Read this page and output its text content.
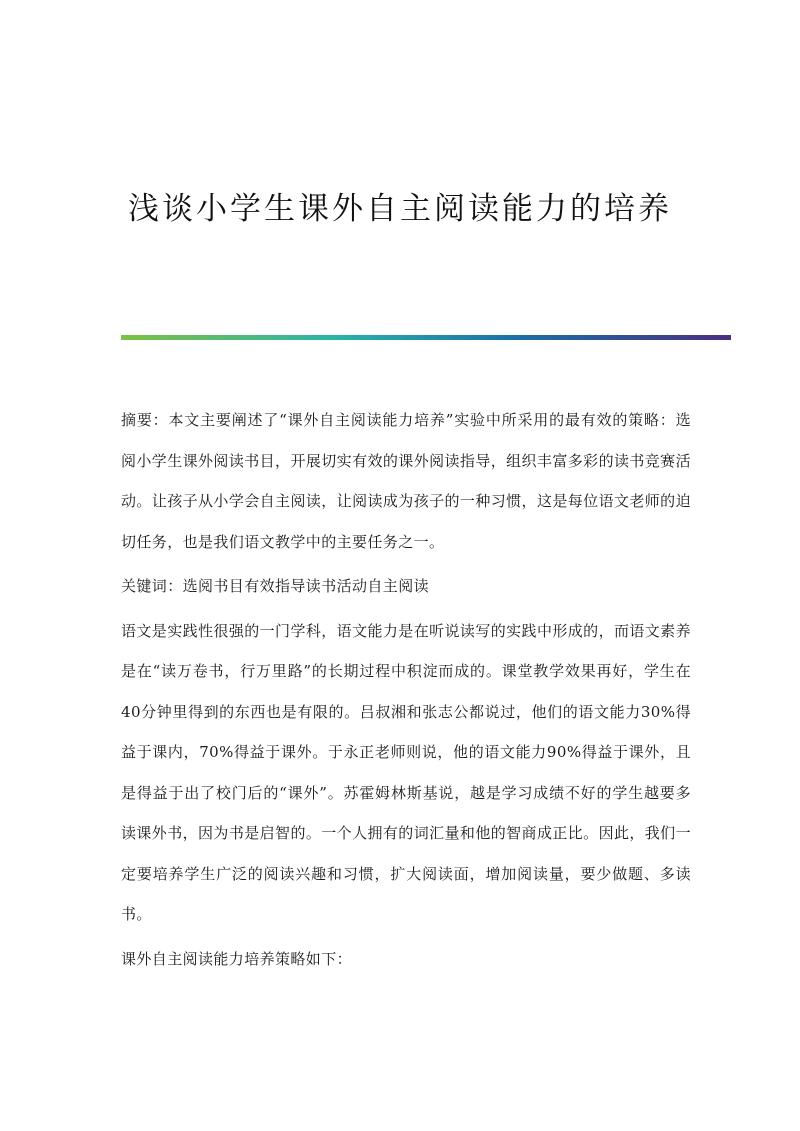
浅谈小学生课外自主阅读能力的培养

摘要：本文主要阐述了“课外自主阅读能力培养”实验中所采用的最有效的策略：选阅小学生课外阅读书目，开展切实有效的课外阅读指导，组织丰富多彩的读书竞赛活动。让孩子从小学会自主阅读，让阅读成为孩子的一种习惯，这是每位语文老师的迫切任务，也是我们语文教学中的主要任务之一。

关键词：选阅书目有效指导读书活动自主阅读

语文是实践性很强的一门学科，语文能力是在听说读写的实践中形成的，而语文素养是在“读万卷书，行万里路”的长期过程中积淀而成的。课堂教学效果再好，学生在40分钟里得到的东西也是有限的。吕叔湘和张志公都说过，他们的语文能力30%得益于课内，70%得益于课外。于永正老师则说，他的语文能力90%得益于课外，且是得益于出了校门后的“课外”。苏霍姆林斯基说，越是学习成绩不好的学生越要多读课外书，因为书是启智的。一个人拥有的词汇量和他的智商成正比。因此，我们一定要培养学生广泛的阅读兴趣和习惯，扩大阅读面，增加阅读量，要少做题、多读书。

课外自主阅读能力培养策略如下：
